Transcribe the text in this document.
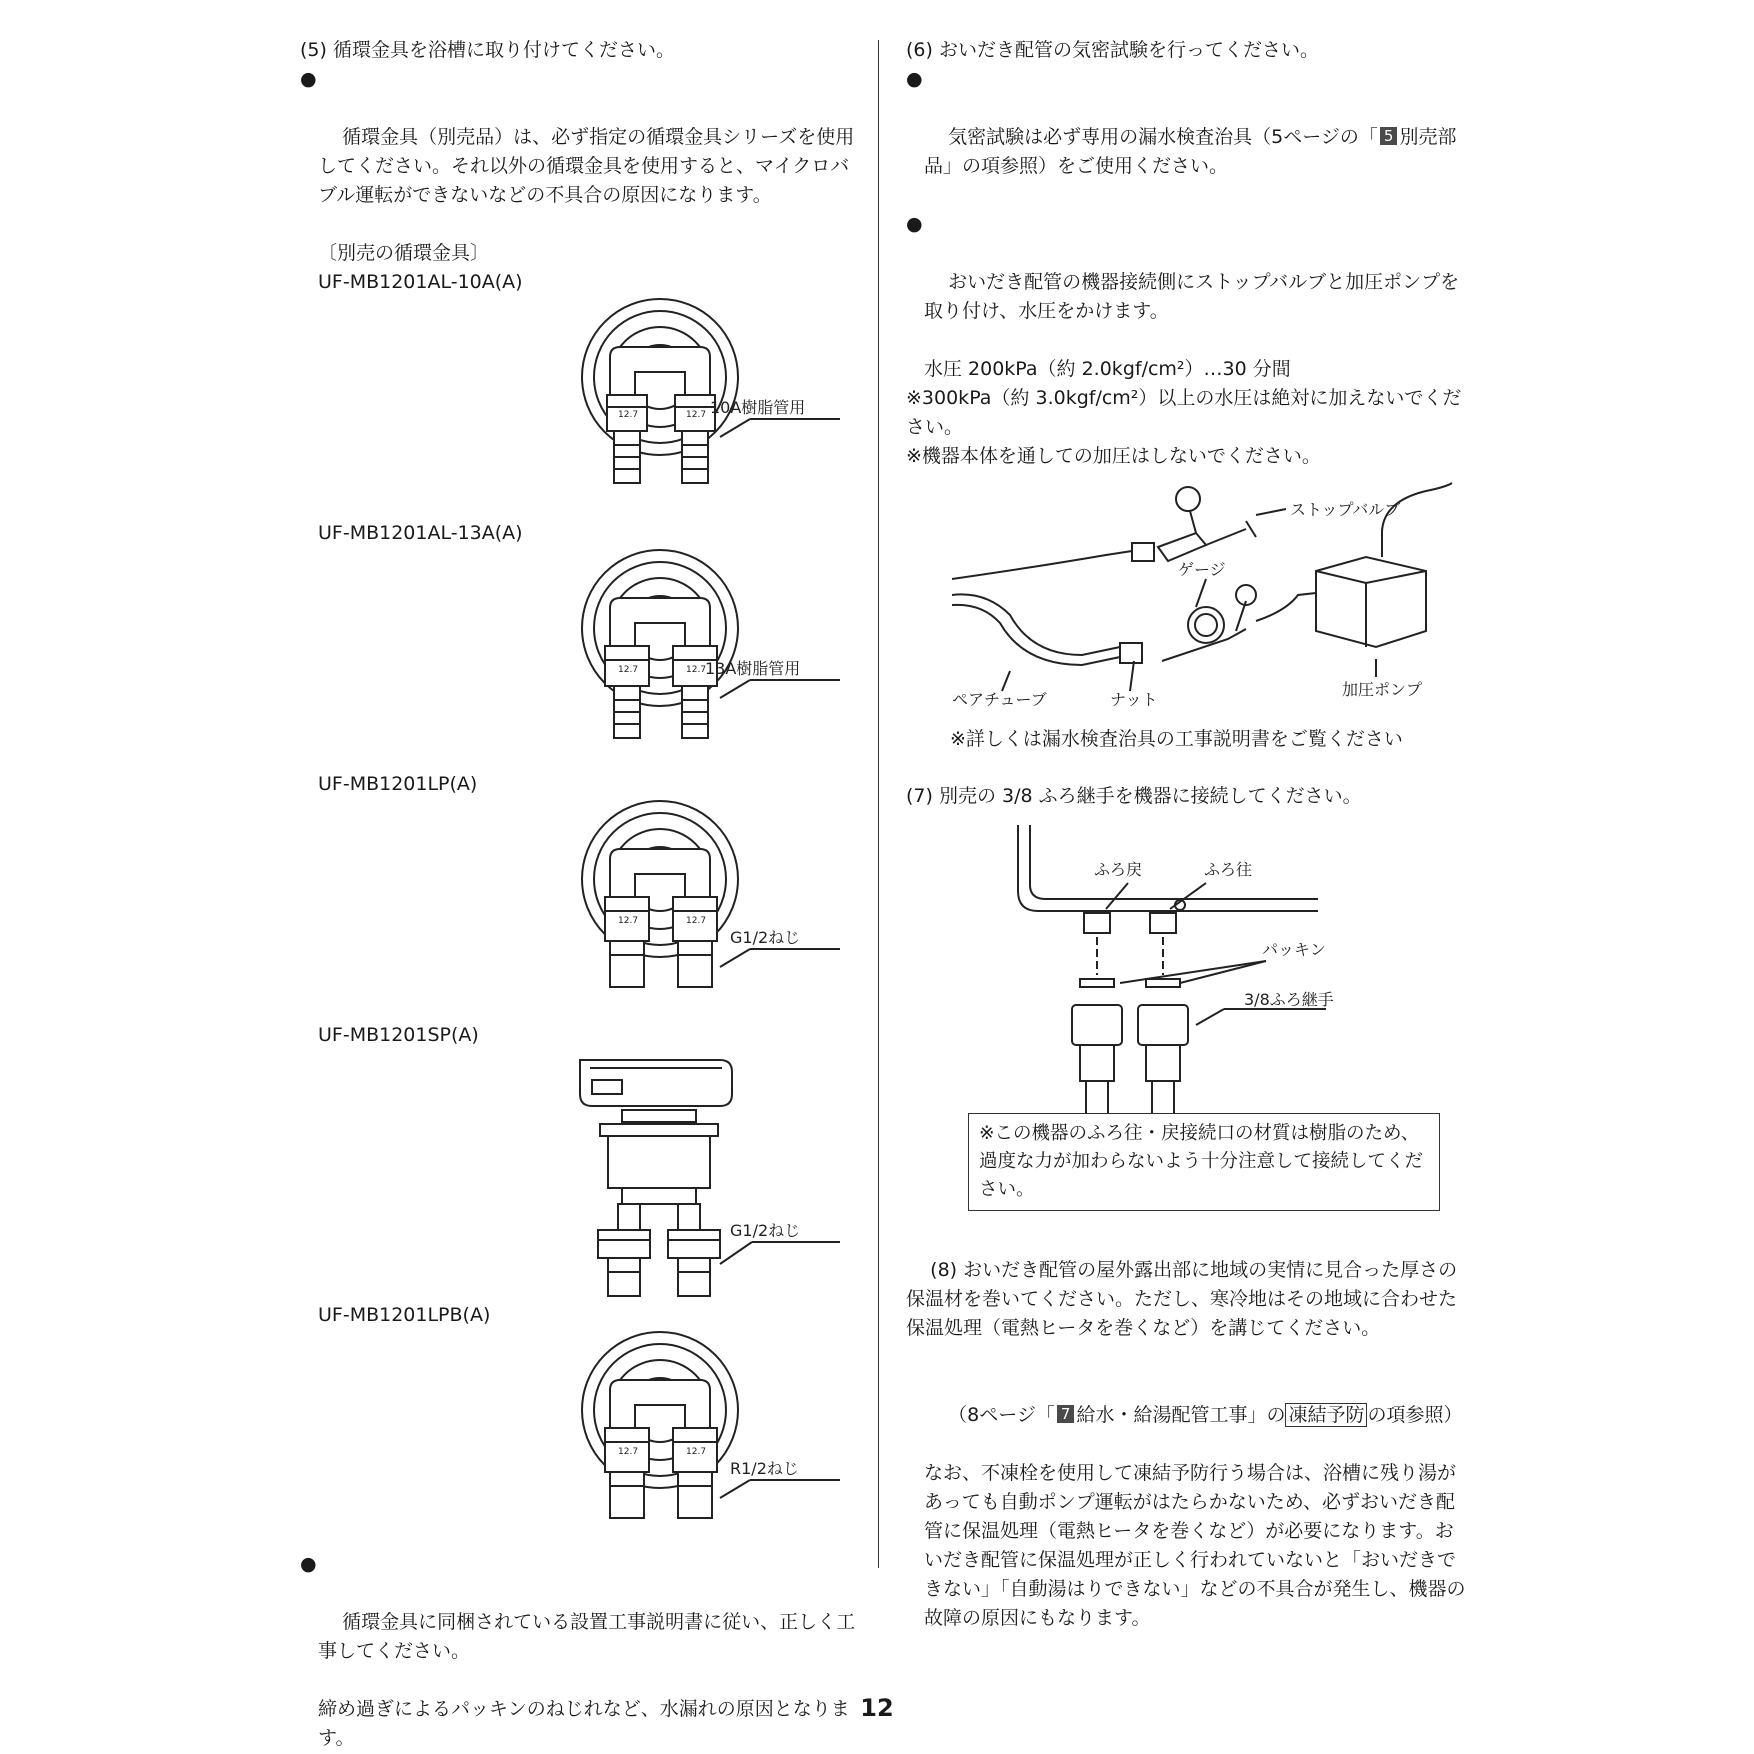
(5) 循環金具を浴槽に取り付けてください。

●

循環金具（別売品）は、必ず指定の循環金具シリーズを使用してください。それ以外の循環金具を使用すると、マイクロバブル運転ができないなどの不具合の原因になります。

〔別売の循環金具〕

UF-MB1201AL-10A(A)

12.7	12.7 10A樹脂管用

UF-MB1201AL-13A(A)

12.7	12.7
13A樹脂管用

UF-MB1201LP(A)

12.7	12.7
G1/2ねじ

UF-MB1201SP(A)

G1/2ねじ

UF-MB1201LPB(A)

12.7	12.7
R1/2ねじ

●

循環金具に同梱されている設置工事説明書に従い、正しく工事してください。

締め過ぎによるパッキンのねじれなど、水漏れの原因となります。

(6) おいだき配管の気密試験を行ってください。

●

気密試験は必ず専用の漏水検査治具（5ページの「 5 別売部品」の項参照）をご使用ください。

●

おいだき配管の機器接続側にストップバルブと加圧ポンプを取り付け、水圧をかけます。

水圧 200kPa（約 2.0kgf/cm²）…30 分間

※300kPa（約 3.0kgf/cm²）以上の水圧は絶対に加えないでください。

※機器本体を通しての加圧はしないでください。

ストップバルブ
ゲージ
加圧ポンプ
ペアチューブ	ナット

※詳しくは漏水検査治具の工事説明書をご覧ください

(7) 別売の 3/8 ふろ継手を機器に接続してください。

ふろ戻	ふろ往
パッキン
3/8ふろ継手

※この機器のふろ往・戻接続口の材質は樹脂のため、過度な力が加わらないよう十分注意して接続してください。

(8) おいだき配管の屋外露出部に地域の実情に見合った厚さの保温材を巻いてください。ただし、寒冷地はその地域に合わせた保温処理（電熱ヒータを巻くなど）を講じてください。

（8ページ「 7 給水・給湯配管工事」の 凍結予防 の項参照）

なお、不凍栓を使用して凍結予防行う場合は、浴槽に残り湯があっても自動ポンプ運転がはたらかないため、必ずおいだき配管に保温処理（電熱ヒータを巻くなど）が必要になります。おいだき配管に保温処理が正しく行われていないと「おいだきできない」「自動湯はりできない」などの不具合が発生し、機器の故障の原因にもなります。

12
